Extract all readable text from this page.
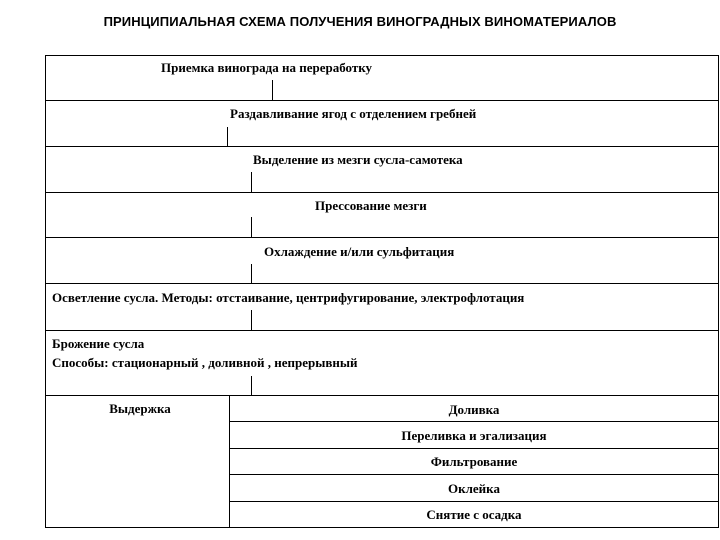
ПРИНЦИПИАЛЬНАЯ СХЕМА ПОЛУЧЕНИЯ ВИНОГРАДНЫХ ВИНОМАТЕРИАЛОВ
Приемка винограда на переработку
Раздавливание ягод с отделением гребней
Выделение из мезги сусла-самотека
Прессование мезги
Охлаждение и/или сульфитация
Осветление сусла. Методы: отстаивание, центрифугирование, электрофлотация
Брожение сусла
Способы: стационарный , доливной , непрерывный
Выдержка	Доливка
Переливка и эгализация
Фильтрование
Оклейка
Снятие с осадка
